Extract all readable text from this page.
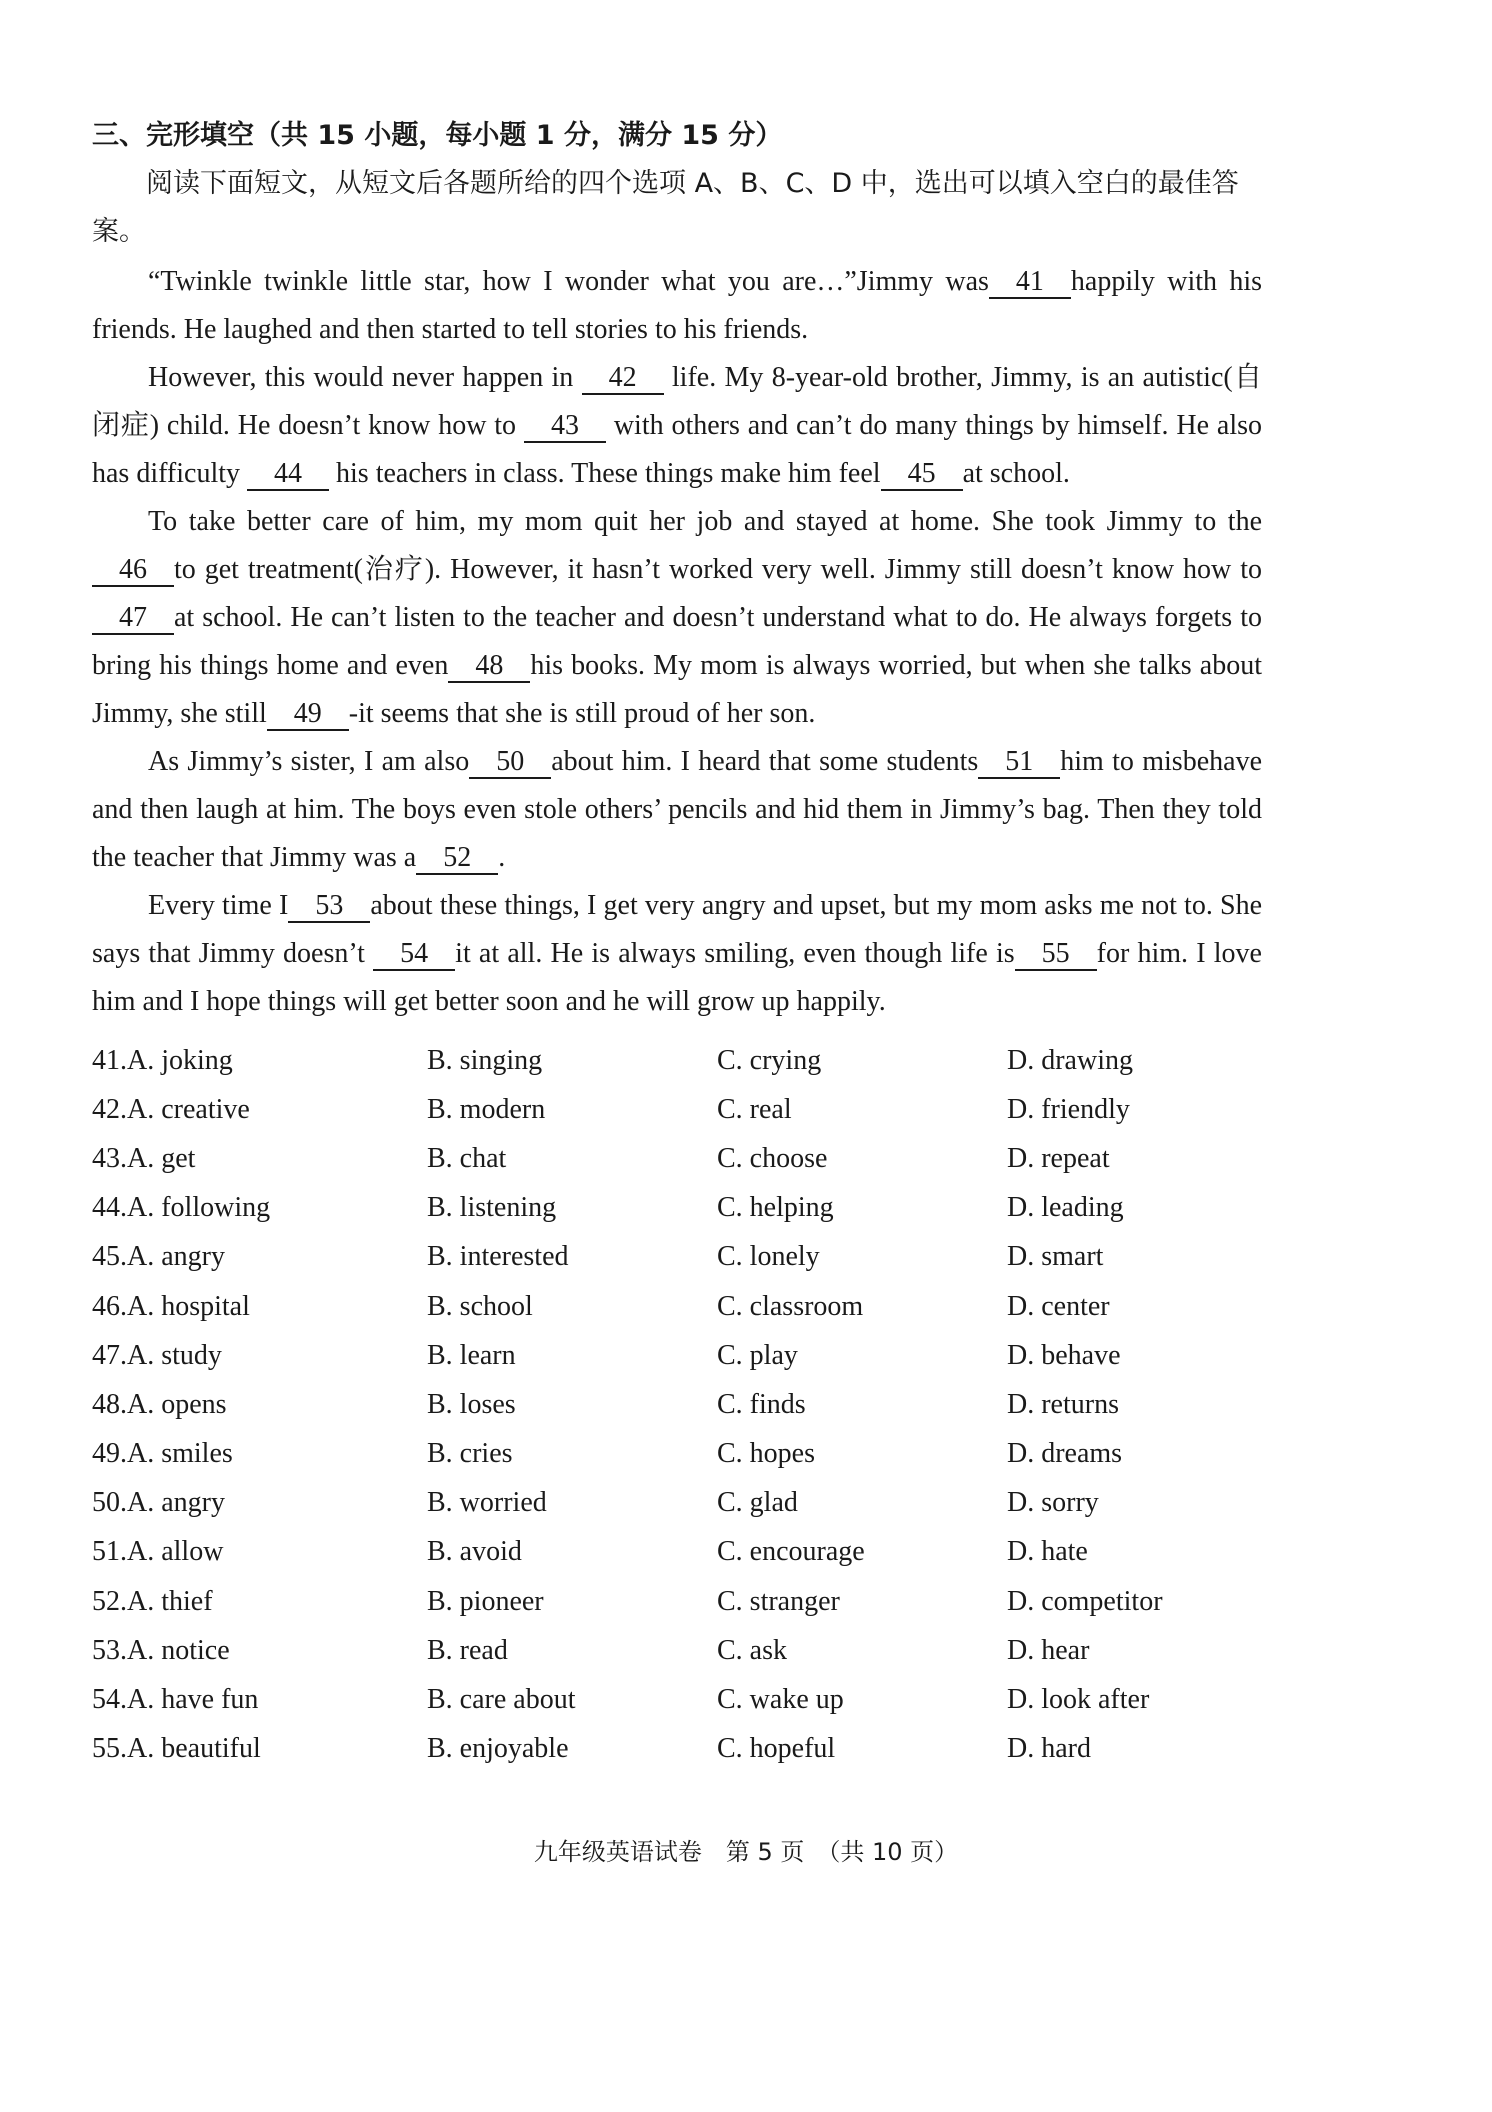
三、完形填空（共 15 小题，每小题 1 分，满分 15 分）
阅读下面短文，从短文后各题所给的四个选项 A、B、C、D 中，选出可以填入空白的最佳答案。

“Twinkle twinkle little star, how I wonder what you are…”Jimmy was 41 happily with his friends. He laughed and then started to tell stories to his friends.

However, this would never happen in 42 life. My 8-year-old brother, Jimmy, is an autistic(自闭症) child. He doesn’t know how to 43 with others and can’t do many things by himself. He also has difficulty 44 his teachers in class. These things make him feel 45 at school.

To take better care of him, my mom quit her job and stayed at home. She took Jimmy to the 46 to get treatment(治疗). However, it hasn’t worked very well. Jimmy still doesn’t know how to 47 at school. He can’t listen to the teacher and doesn’t understand what to do. He always forgets to bring his things home and even 48 his books. My mom is always worried, but when she talks about Jimmy, she still 49 -it seems that she is still proud of her son.

As Jimmy’s sister, I am also 50 about him. I heard that some students 51 him to misbehave and then laugh at him. The boys even stole others’ pencils and hid them in Jimmy’s bag. Then they told the teacher that Jimmy was a 52 .

Every time I 53 about these things, I get very angry and upset, but my mom asks me not to. She says that Jimmy doesn’t 54 it at all. He is always smiling, even though life is 55 for him. I love him and I hope things will get better soon and he will grow up happily.

41. A. joking	B. singing	C. crying	D. drawing
42. A. creative	B. modern	C. real	D. friendly
43. A. get	B. chat	C. choose	D. repeat
44. A. following	B. listening	C. helping	D. leading
45. A. angry	B. interested	C. lonely	D. smart
46. A. hospital	B. school	C. classroom	D. center
47. A. study	B. learn	C. play	D. behave
48. A. opens	B. loses	C. finds	D. returns
49. A. smiles	B. cries	C. hopes	D. dreams
50. A. angry	B. worried	C. glad	D. sorry
51. A. allow	B. avoid	C. encourage	D. hate
52. A. thief	B. pioneer	C. stranger	D. competitor
53. A. notice	B. read	C. ask	D. hear
54. A. have fun	B. care about	C. wake up	D. look after
55. A. beautiful	B. enjoyable	C. hopeful	D. hard
九年级英语试卷　第 5 页　（共 10 页）
